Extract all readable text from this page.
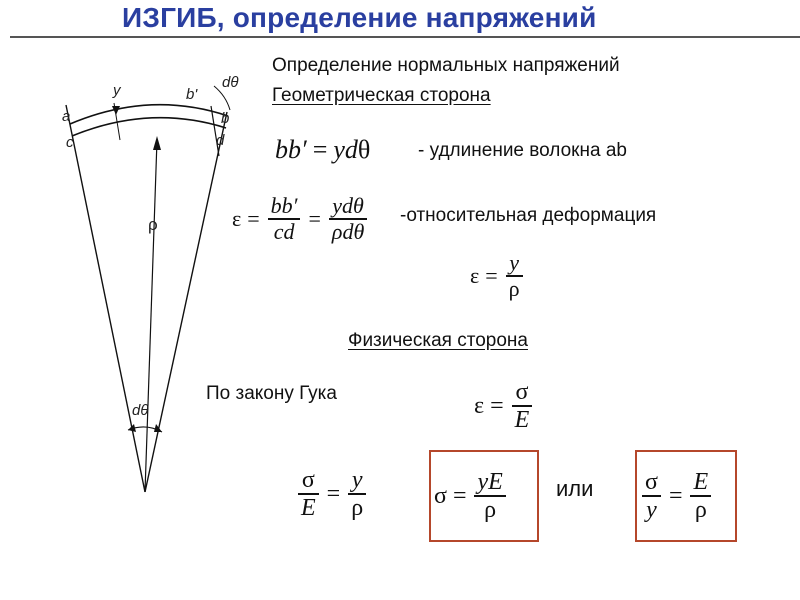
ИЗГИБ, определение напряжений
a
c
y	b'
dθ
b
d
ρ
dθ
Определение нормальных напряжений
Геометрическая сторона
bb′ = y d θ	- удлинение волокна ab
$\varepsilon = \frac{bb'}{cd} = \frac{\text{ydθ}}{\text{ρdθ}}$ -относительная деформация
$\varepsilon = \frac{y}{\rho}$
Физическая сторона
По закону Гука	$\varepsilon = \frac{\sigma}{E}$
$\frac{\sigma}{E} = \frac{y}{\rho}$	$\sigma = \frac{yE}{\rho}$ или $\frac{\sigma}{y} = \frac{E}{\rho}$
